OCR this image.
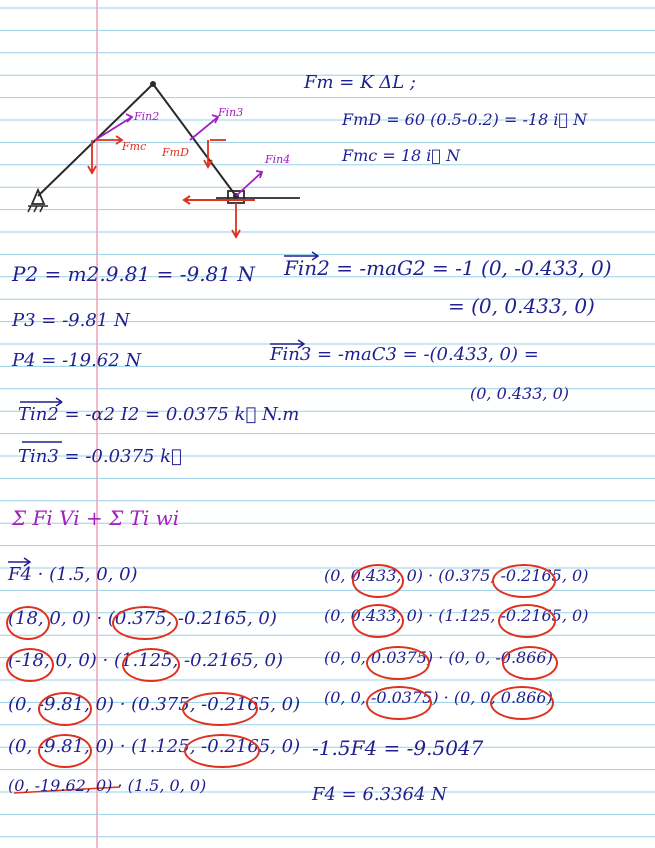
Fin2	Fin3
Fin4
Fmc FmD
Fm = K ΔL ;
FmD = 60 (0.5-0.2) = -18 i⃗ N
Fmc = 18 i⃗ N
P2 = m2.9.81 = -9.81 N
P3 = -9.81 N
P4 = -19.62 N
Fin2 = -maG2 = -1 (0, -0.433, 0)
= (0, 0.433, 0)
Fin3 = -maC3 = -(0.433, 0) =
(0, 0.433, 0)
Tin2 = -α2 I2 = 0.0375 k⃗ N.m
Tin3 = -0.0375 k⃗
Σ Fi Vi + Σ Ti wi
F4 · (1.5, 0, 0)
(18, 0, 0) · (0.375, -0.2165, 0)
(-18, 0, 0) · (1.125, -0.2165, 0)
(0, -9.81, 0) · (0.375, -0.2165, 0)
(0, -9.81, 0) · (1.125, -0.2165, 0)
(0, -19.62, 0) · (1.5, 0, 0)
(0, 0.433, 0) · (0.375, -0.2165, 0)
(0, 0.433, 0) · (1.125, -0.2165, 0)
(0, 0, 0.0375) · (0, 0, -0.866)
(0, 0, -0.0375) · (0, 0, 0.866)
-1.5F4 = -9.5047
F4 = 6.3364 N
